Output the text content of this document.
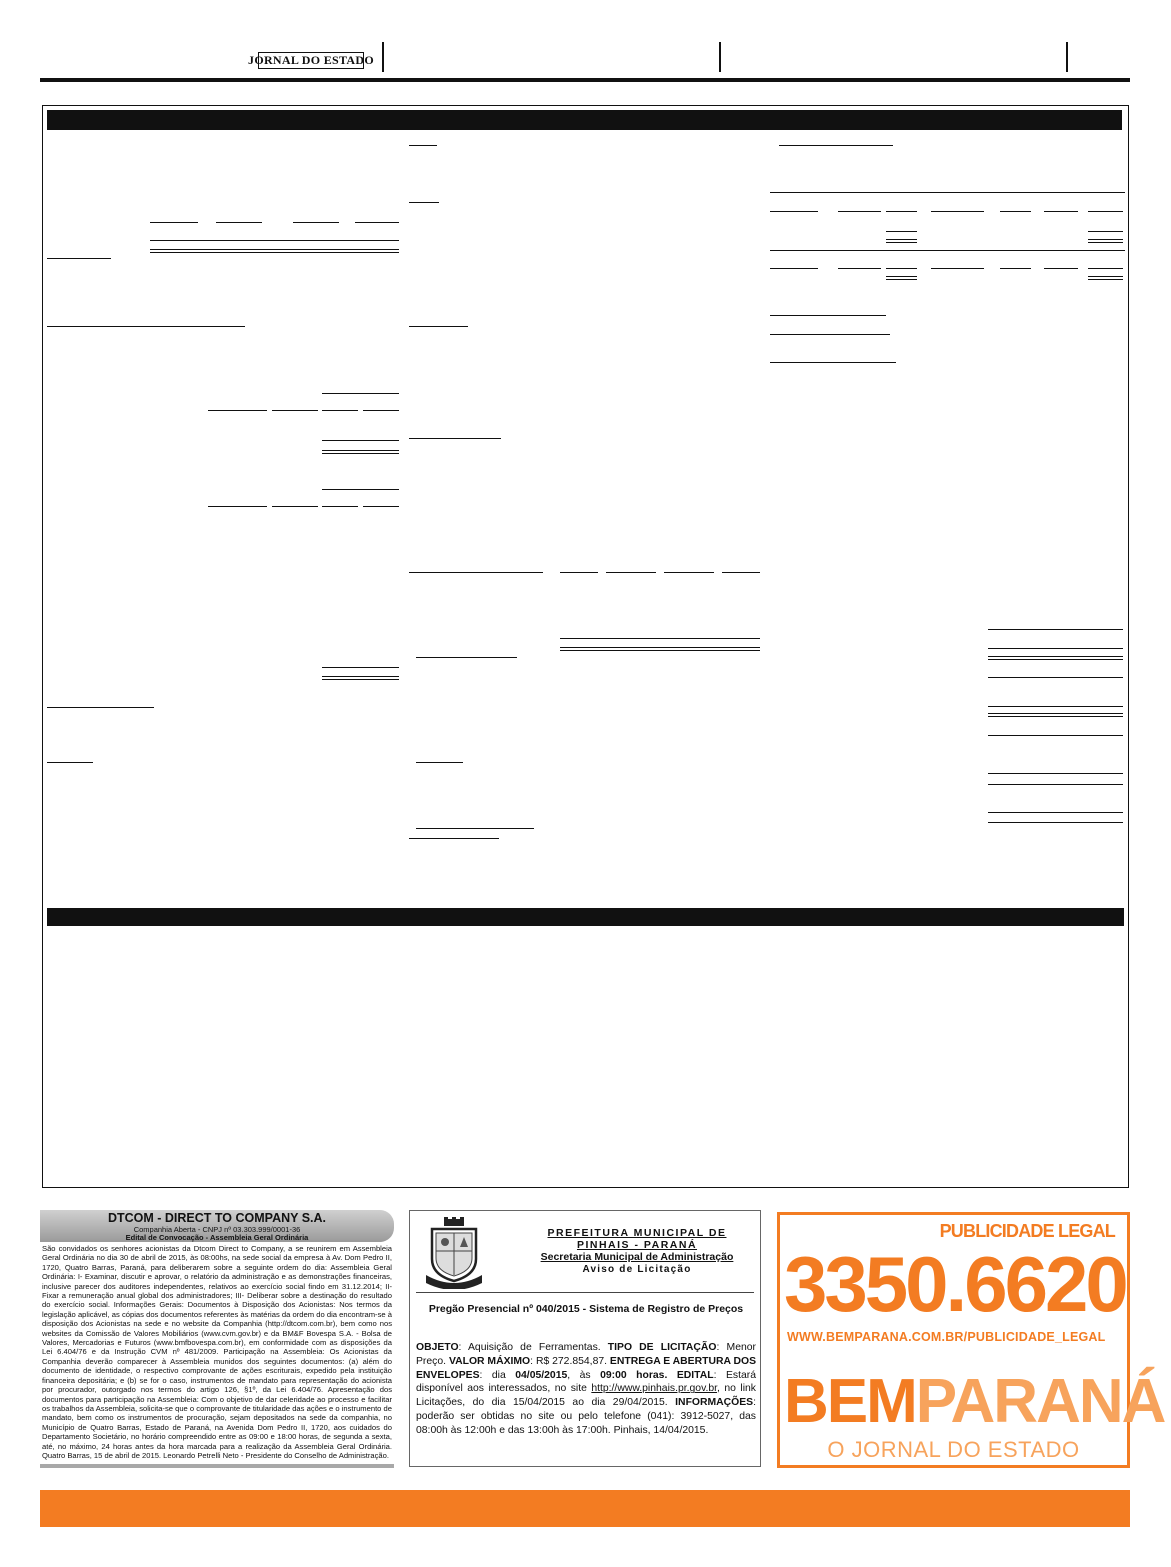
JORNAL DO ESTADO
DTCOM - DIRECT TO COMPANY S.A.
Companhia Aberta - CNPJ nº 03.303.999/0001-36
Edital de Convocação - Assembleia Geral Ordinária
São convidados os senhores acionistas da Dtcom Direct to Company, a se reunirem em Assembleia Geral Ordinária no dia 30 de abril de 2015, às 08:00hs, na sede social da empresa à Av. Dom Pedro II, 1720, Quatro Barras, Paraná, para deliberarem sobre a seguinte ordem do dia: Assembleia Geral Ordinária: I- Examinar, discutir e aprovar, o relatório da administração e as demonstrações financeiras, inclusive parecer dos auditores independentes, relativos ao exercício social findo em 31.12.2014; II- Fixar a remuneração anual global dos administradores; III- Deliberar sobre a destinação do resultado do exercício social. Informações Gerais: Documentos à Disposição dos Acionistas: Nos termos da legislação aplicável, as cópias dos documentos referentes às matérias da ordem do dia encontram-se à disposição dos Acionistas na sede e no website da Companhia (http://dtcom.com.br), bem como nos websites da Comissão de Valores Mobiliários (www.cvm.gov.br) e da BM&F Bovespa S.A. - Bolsa de Valores, Mercadorias e Futuros (www.bmfbovespa.com.br), em conformidade com as disposições da Lei 6.404/76 e da Instrução CVM nº 481/2009. Participação na Assembleia: Os Acionistas da Companhia deverão comparecer à Assembleia munidos dos seguintes documentos: (a) além do documento de identidade, o respectivo comprovante de ações escriturais, expedido pela instituição financeira depositária; e (b) se for o caso, instrumentos de mandato para representação do acionista por procurador, outorgado nos termos do artigo 126, §1º, da Lei 6.404/76. Apresentação dos documentos para participação na Assembleia: Com o objetivo de dar celeridade ao processo e facilitar os trabalhos da Assembleia, solicita-se que o comprovante de titularidade das ações e o instrumento de mandato, bem como os instrumentos de procuração, sejam depositados na sede da companhia, no Município de Quatro Barras, Estado de Paraná, na Avenida Dom Pedro II, 1720, aos cuidados do Departamento Societário, no horário compreendido entre as 09:00 e 18:00 horas, de segunda a sexta, até, no máximo, 24 horas antes da hora marcada para a realização da Assembleia Geral Ordinária. Quatro Barras, 15 de abril de 2015. Leonardo Petrelli Neto - Presidente do Conselho de Administração.
PREFEITURA MUNICIPAL DE
PINHAIS - PARANÁ
Secretaria Municipal de Administração
Aviso de Licitação
Pregão Presencial nº 040/2015 - Sistema de Registro de Preços
OBJETO: Aquisição de Ferramentas. TIPO DE LICITAÇÃO: Menor Preço. VALOR MÁXIMO: R$ 272.854,87. ENTREGA E ABERTURA DOS ENVELOPES: dia 04/05/2015, às 09:00 horas. EDITAL: Estará disponível aos interessados, no site http://www.pinhais.pr.gov.br, no link Licitações, do dia 15/04/2015 ao dia 29/04/2015. INFORMAÇÕES: poderão ser obtidas no site ou pelo telefone (041): 3912-5027, das 08:00h às 12:00h e das 13:00h às 17:00h. Pinhais, 14/04/2015.
PUBLICIDADE LEGAL
3350.6620
WWW.BEMPARANA.COM.BR/PUBLICIDADE_LEGAL
BEMPARANÁ
O JORNAL DO ESTADO
